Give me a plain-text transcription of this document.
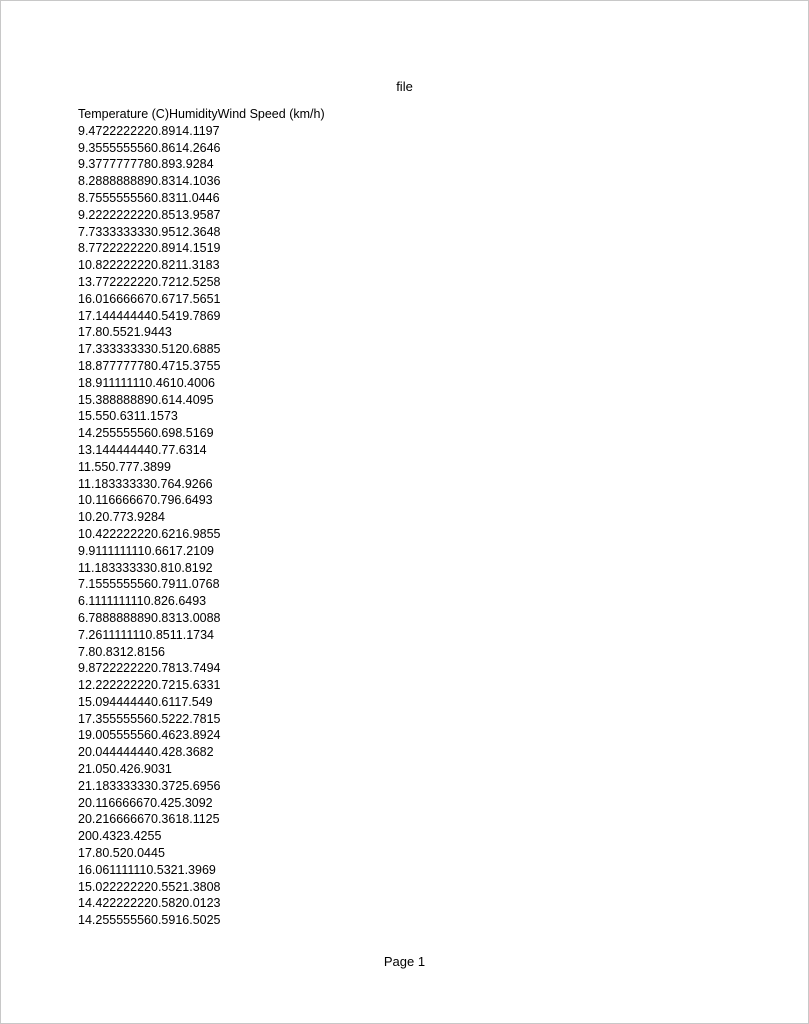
file
Temperature (C)HumidityWind Speed (km/h)
9.4722222220.8914.1197
9.3555555560.8614.2646
9.3777777780.893.9284
8.2888888890.8314.1036
8.7555555560.8311.0446
9.2222222220.8513.9587
7.7333333330.9512.3648
8.7722222220.8914.1519
10.822222220.8211.3183
13.772222220.7212.5258
16.016666670.6717.5651
17.144444440.5419.7869
17.80.5521.9443
17.333333330.5120.6885
18.877777780.4715.3755
18.911111110.4610.4006
15.388888890.614.4095
15.550.6311.1573
14.255555560.698.5169
13.144444440.77.6314
11.550.777.3899
11.183333330.764.9266
10.116666670.796.6493
10.20.773.9284
10.422222220.6216.9855
9.9111111110.6617.2109
11.183333330.810.8192
7.1555555560.7911.0768
6.1111111110.826.6493
6.7888888890.8313.0088
7.2611111110.8511.1734
7.80.8312.8156
9.8722222220.7813.7494
12.222222220.7215.6331
15.094444440.6117.549
17.355555560.5222.7815
19.005555560.4623.8924
20.044444440.428.3682
21.050.426.9031
21.183333330.3725.6956
20.116666670.425.3092
20.216666670.3618.1125
200.4323.4255
17.80.520.0445
16.061111110.5321.3969
15.022222220.5521.3808
14.422222220.5820.0123
14.255555560.5916.5025
Page 1
